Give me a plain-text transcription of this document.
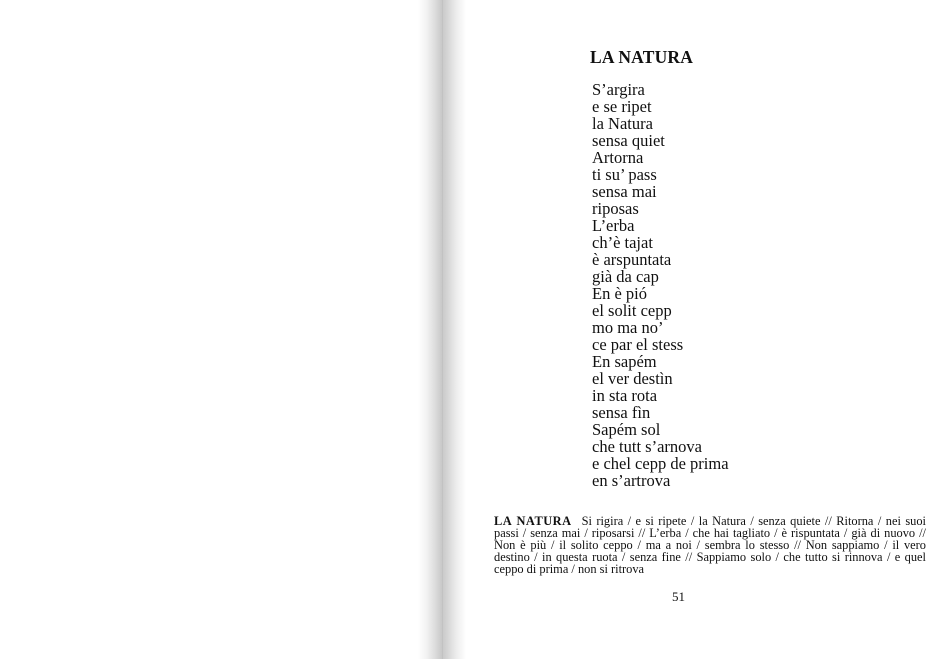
LA NATURA
S’argira
e se ripet
la Natura
sensa quiet
Artorna
ti su’ pass
sensa mai
riposas
L’erba
ch’è tajat
è arspuntata
già da cap
En è pió
el solit cepp
mo ma no’
ce par el stess
En sapém
el ver destìn
in sta rota
sensa fìn
Sapém sol
che tutt s’arnova
e chel cepp de prima
en s’artrova

LA NATURA Si rigira / e si ripete / la Natura / senza quiete // Ritorna / nei suoi passi / senza mai / riposarsi // L’erba / che hai tagliato / è rispuntata / già di nuovo // Non è più / il solito ceppo / ma a noi / sembra lo stesso // Non sappiamo / il vero destino / in questa ruota / senza fine // Sappiamo solo / che tutto si rinnova / e quel ceppo di prima / non si ritrova

51
